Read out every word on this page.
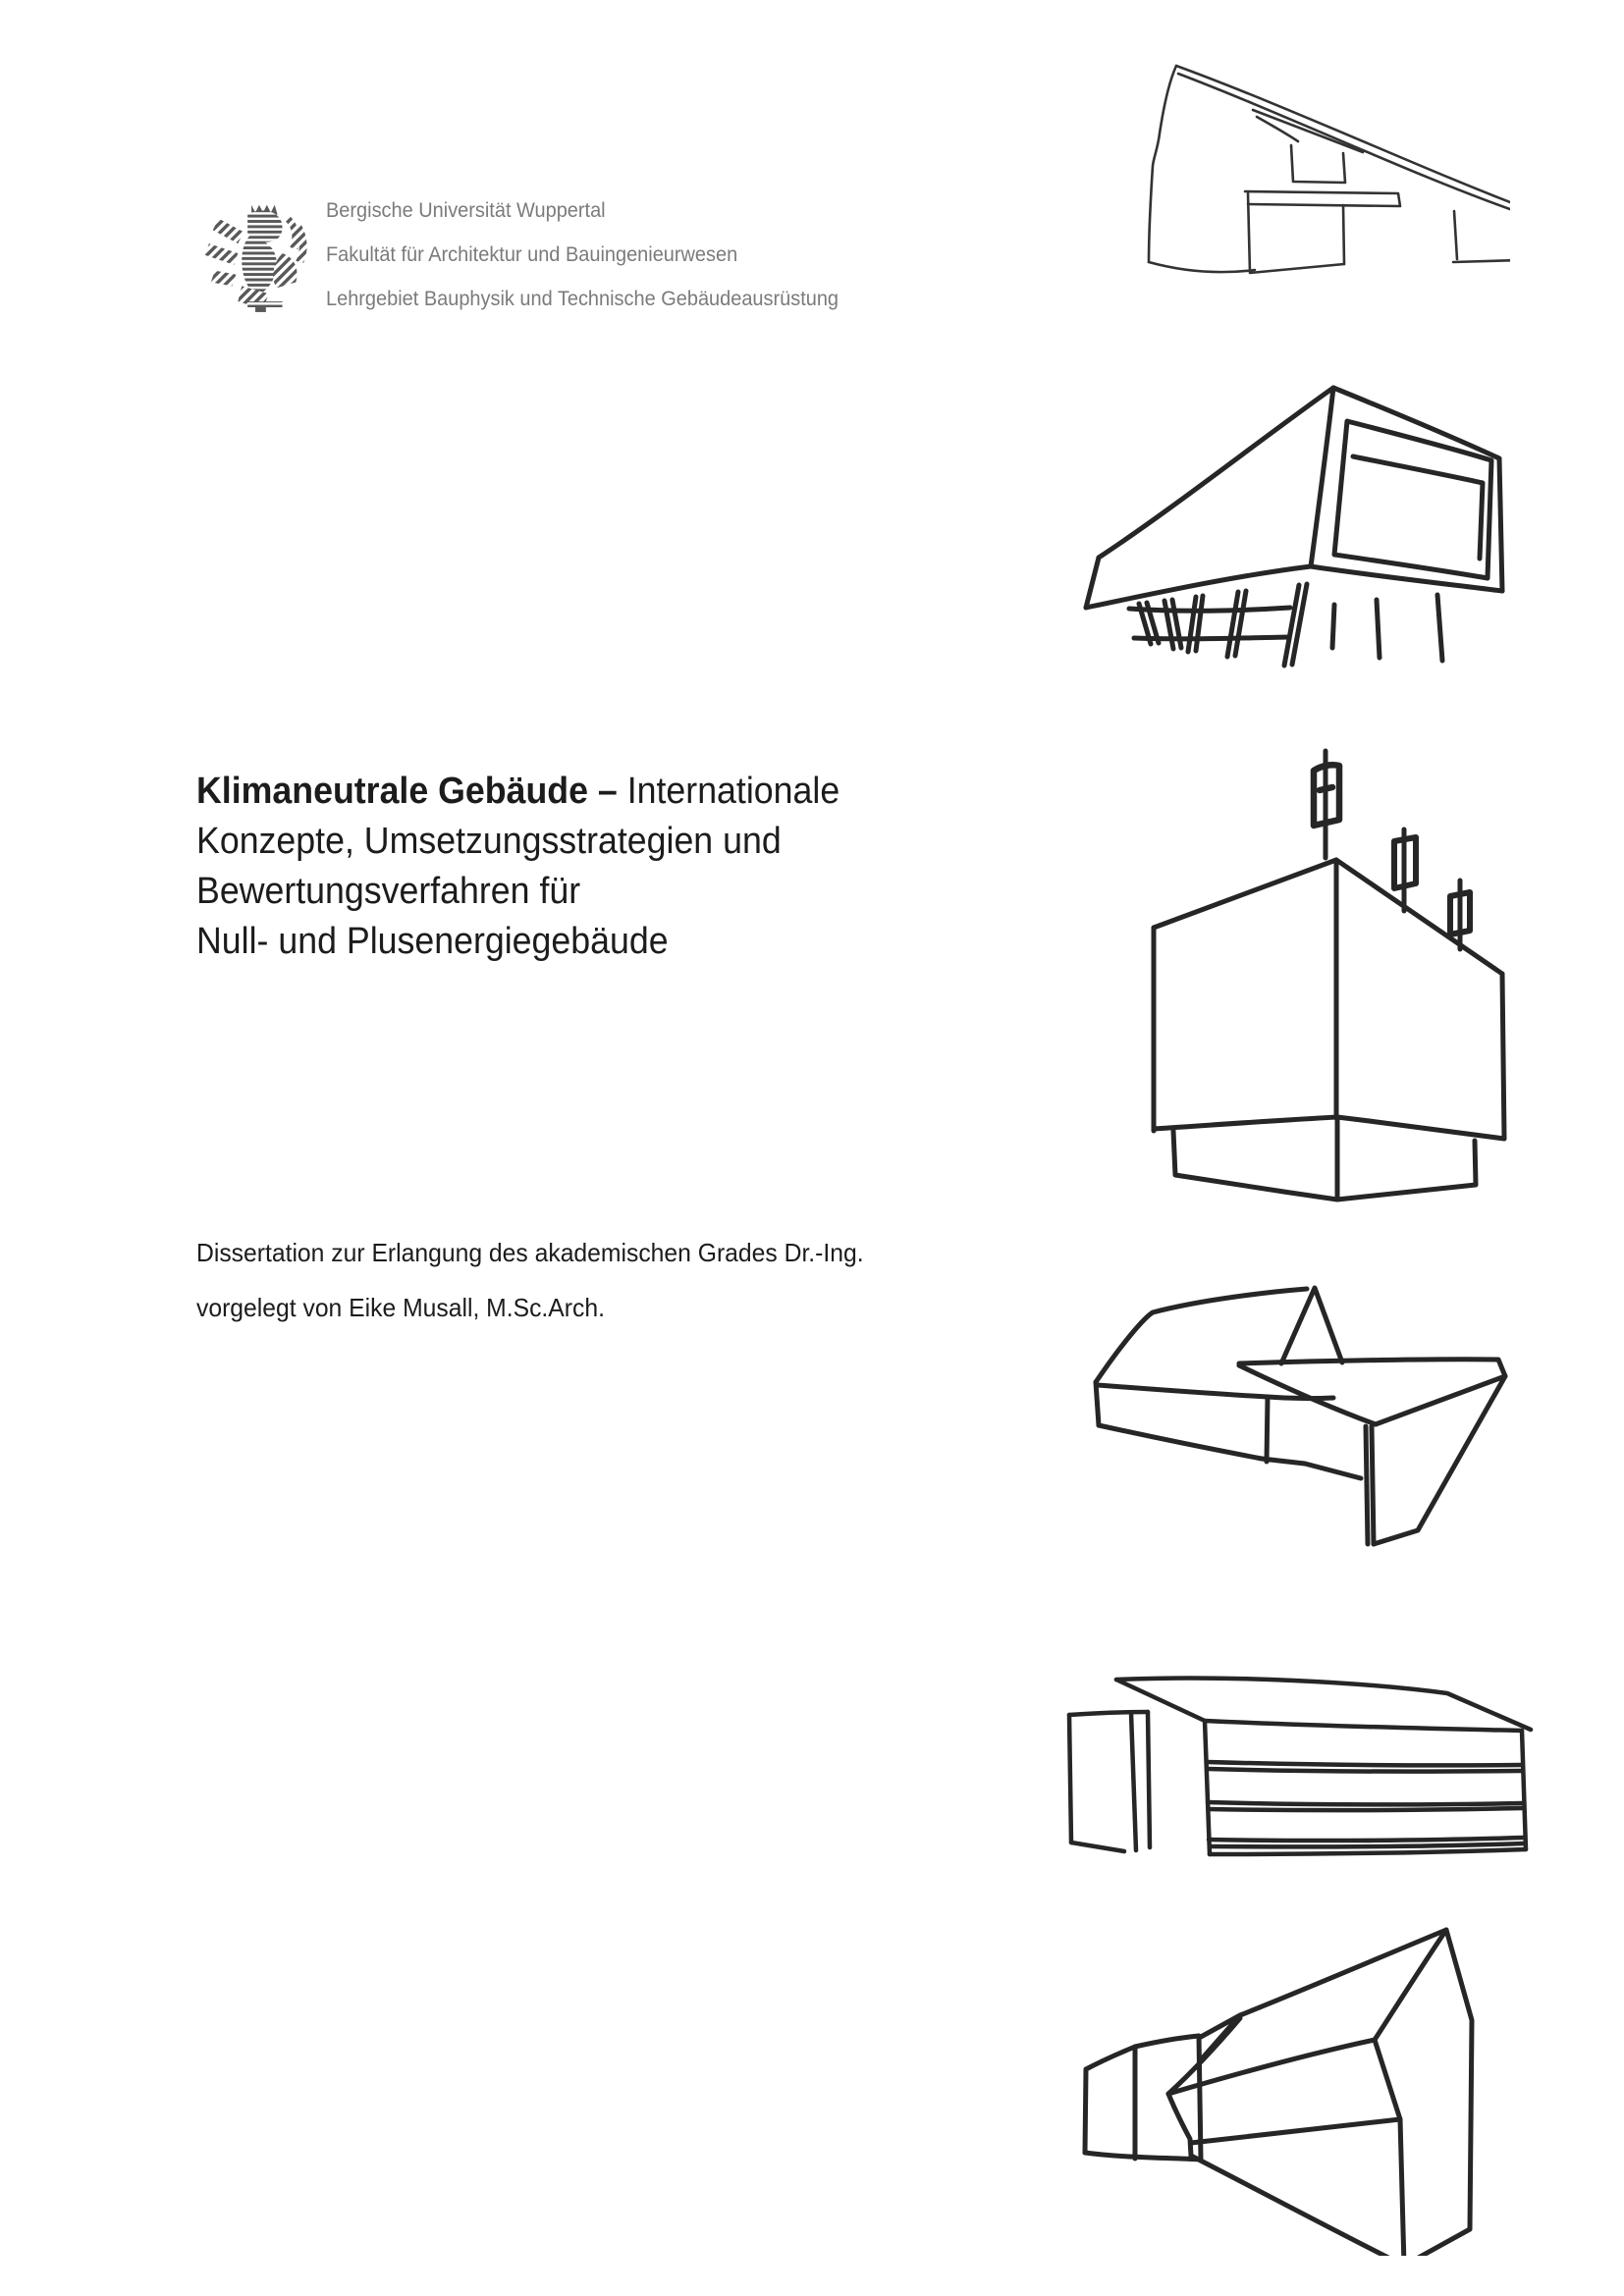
Bergische Universität Wuppertal
Fakultät für Architektur und Bauingenieurwesen
Lehrgebiet Bauphysik und Technische Gebäudeausrüstung
Klimaneutrale Gebäude – Internationale
Konzepte, Umsetzungsstrategien und
Bewertungsverfahren für
Null- und Plusenergiegebäude
Dissertation zur Erlangung des akademischen Grades Dr.-Ing.
vorgelegt von Eike Musall, M.Sc.Arch.
